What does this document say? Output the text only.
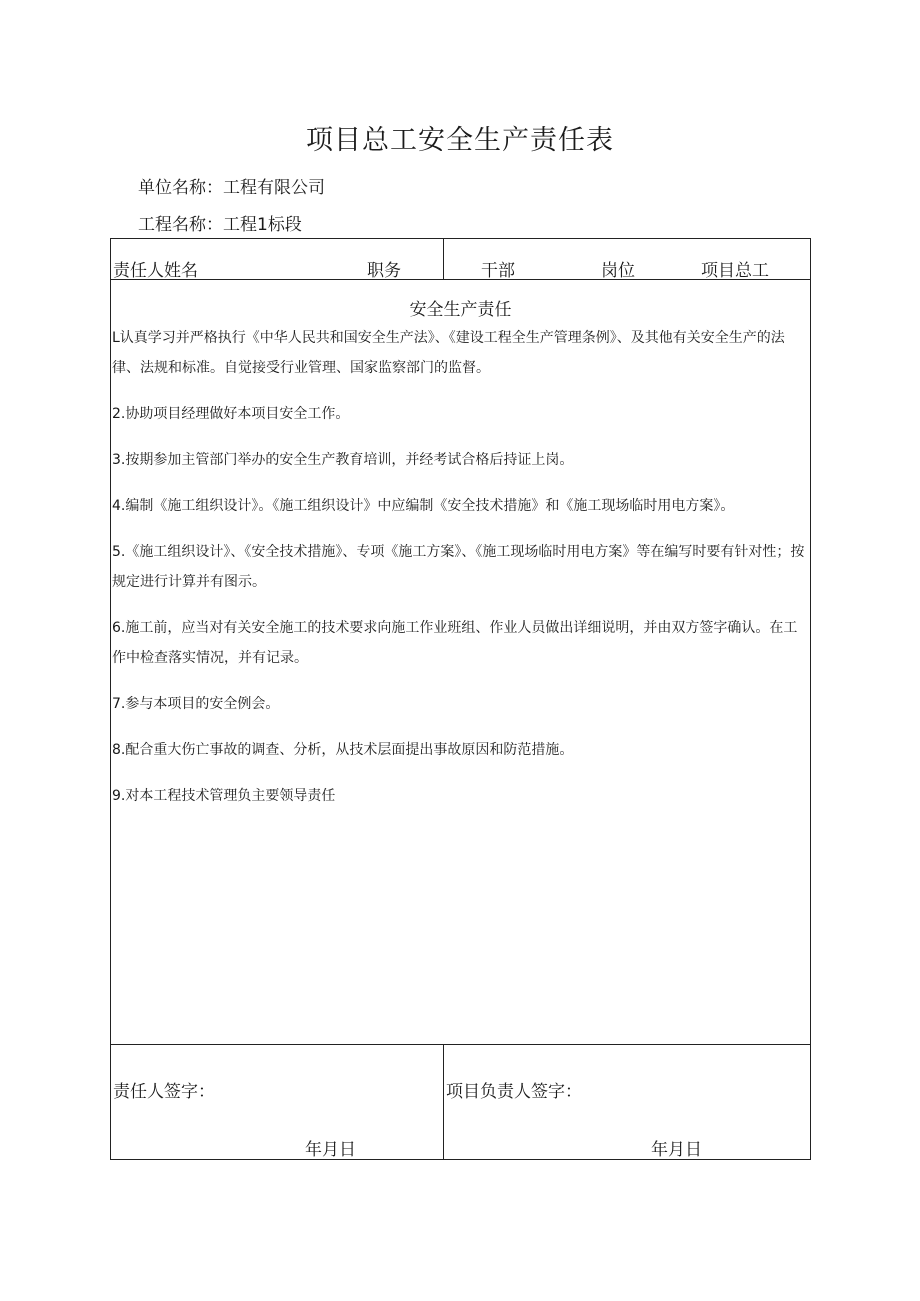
项目总工安全生产责任表
单位名称：工程有限公司
工程名称：工程1标段
责任人姓名	职务	干部	岗位	项目总工
安全生产责任
L认真学习并严格执行《中华人民共和国安全生产法》、《建设工程全生产管理条例》、及其他有关安全生产的法律、法规和标准。自觉接受行业管理、国家监察部门的监督。
2.协助项目经理做好本项目安全工作。
3.按期参加主管部门举办的安全生产教育培训，并经考试合格后持证上岗。
4.编制《施工组织设计》。《施工组织设计》中应编制《安全技术措施》和《施工现场临时用电方案》。
5.《施工组织设计》、《安全技术措施》、专项《施工方案》、《施工现场临时用电方案》等在编写时要有针对性；按规定进行计算并有图示。
6.施工前，应当对有关安全施工的技术要求向施工作业班组、作业人员做出详细说明，并由双方签字确认。在工作中检查落实情况，并有记录。
7.参与本项目的安全例会。
8.配合重大伤亡事故的调查、分析，从技术层面提出事故原因和防范措施。
9.对本工程技术管理负主要领导责任
责任人签字：	项目负责人签字：
年月日	年月日
